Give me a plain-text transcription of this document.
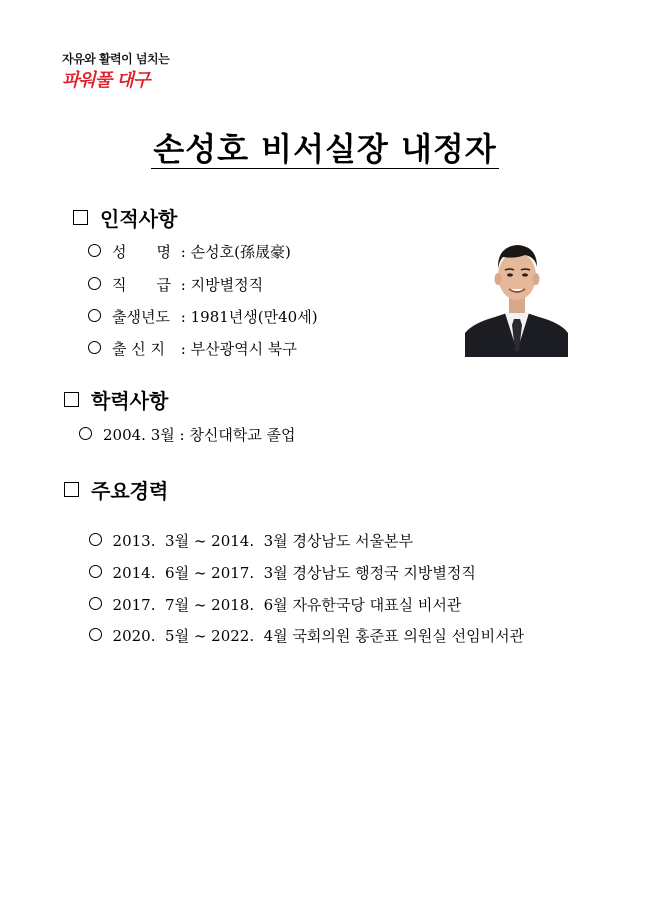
자유와 활력이 넘치는
파워풀 대구
손성호 비서실장 내정자
인적사항
성　　명 : 손성호(孫晟豪)
직　　급 : 지방별정직
출생년도 : 1981년생(만40세)
출 신 지 : 부산광역시 북구
학력사항
2004. 3월 : 창신대학교 졸업
주요경력

2013.  3월 ~ 2014.  3월 경상남도 서울본부

2014.  6월 ~ 2017.  3월 경상남도 행정국 지방별정직

2017.  7월 ~ 2018.  6월 자유한국당 대표실 비서관

2020.  5월 ~ 2022.  4월 국회의원 홍준표 의원실 선임비서관
